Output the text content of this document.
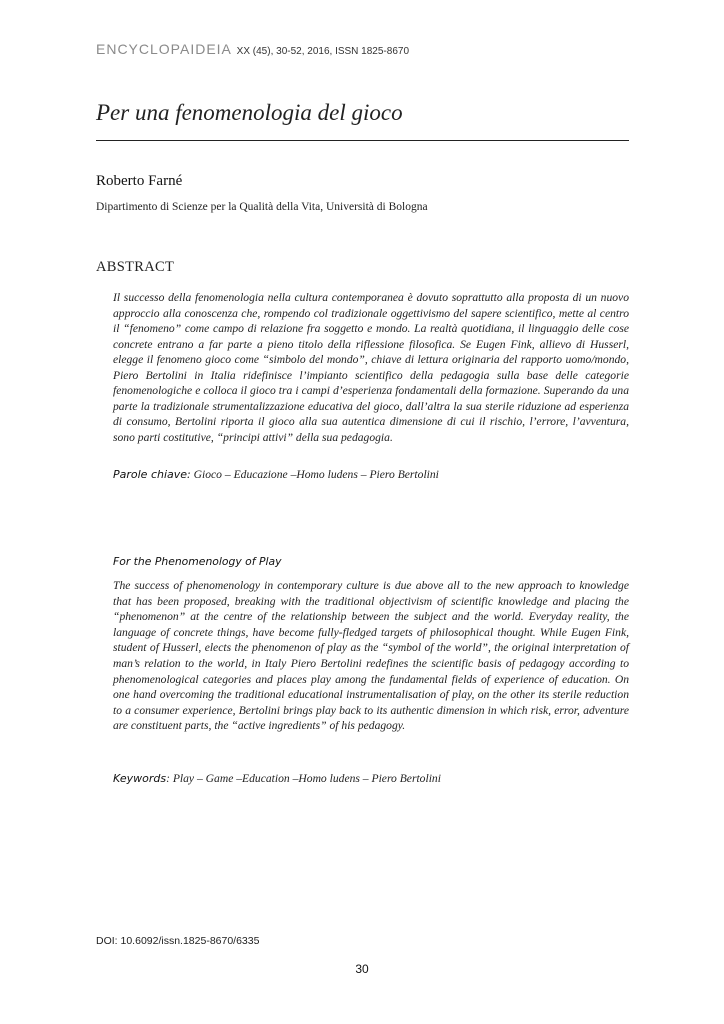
ENCYCLOPAIDEIA XX (45), 30-52, 2016, ISSN 1825-8670
Per una fenomenologia del gioco
Roberto Farné
Dipartimento di Scienze per la Qualità della Vita, Università di Bologna
ABSTRACT

Il successo della fenomenologia nella cultura contemporanea è dovuto soprattutto alla proposta di un nuovo approccio alla conoscenza che, rompendo col tradizionale oggettivismo del sapere scientifico, mette al centro il “fenomeno” come campo di relazione fra soggetto e mondo. La realtà quotidiana, il linguaggio delle cose concrete entrano a far parte a pieno titolo della riflessione filosofica. Se Eugen Fink, allievo di Husserl, elegge il fenomeno gioco come “simbolo del mondo”, chiave di lettura originaria del rapporto uomo/mondo, Piero Bertolini in Italia ridefinisce l’impianto scientifico della pedagogia sulla base delle categorie fenomenologiche e colloca il gioco tra i campi d’esperienza fondamentali della formazione. Superando da una parte la tradizionale strumentalizzazione educativa del gioco, dall’altra la sua sterile riduzione ad esperienza di consumo, Bertolini riporta il gioco alla sua autentica dimensione di cui il rischio, l’errore, l’avventura, sono parti costitutive, “principi attivi” della sua pedagogia.

Parole chiave: Gioco – Educazione –Homo ludens – Piero Bertolini

For the Phenomenology of Play

The success of phenomenology in contemporary culture is due above all to the new approach to knowledge that has been proposed, breaking with the traditional objectivism of scientific knowledge and placing the “phenomenon” at the centre of the relationship between the subject and the world. Everyday reality, the language of concrete things, have become fully-fledged targets of philosophical thought. While Eugen Fink, student of Husserl, elects the phenomenon of play as the “symbol of the world”, the original interpretation of man’s relation to the world, in Italy Piero Bertolini redefines the scientific basis of pedagogy according to phenomenological categories and places play among the fundamental fields of experience of education. On one hand overcoming the traditional educational instrumentalisation of play, on the other its sterile reduction to a consumer experience, Bertolini brings play back to its authentic dimension in which risk, error, adventure are constituent parts, the “active ingredients” of his pedagogy.

Keywords: Play – Game –Education –Homo ludens – Piero Bertolini

DOI: 10.6092/issn.1825-8670/6335
30
